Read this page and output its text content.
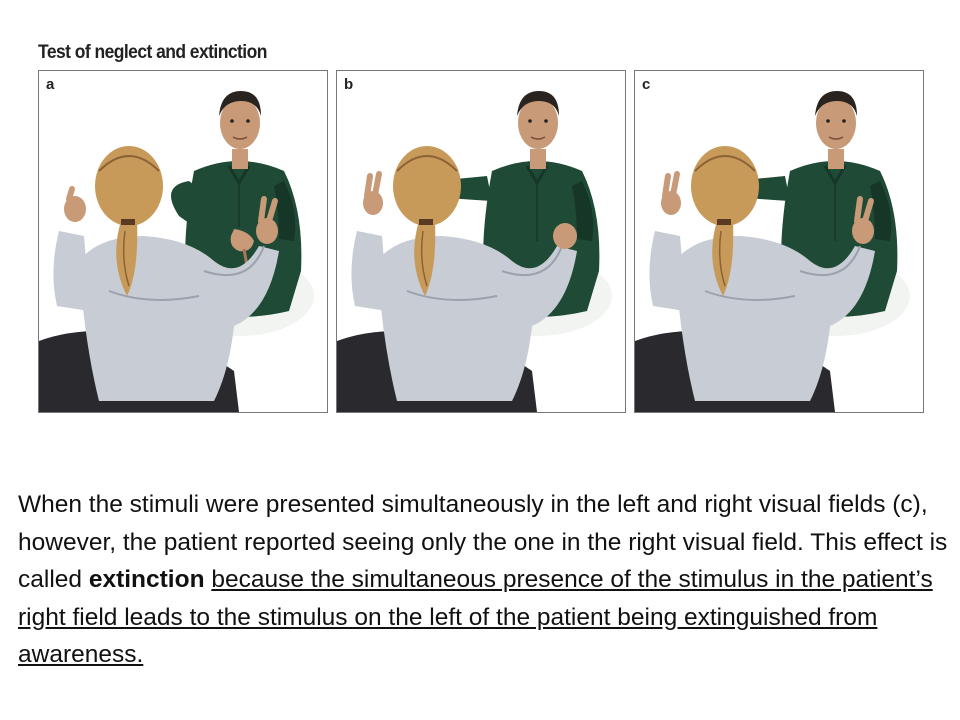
Test of neglect and extinction
a	b	c
When the stimuli were presented simultaneously in the left and right visual fields (c), however, the patient reported seeing only the one in the right visual field. This effect is called extinction because the simultaneous presence of the stimulus in the patient’s right field leads to the stimulus on the left of the patient being extinguished from awareness.
